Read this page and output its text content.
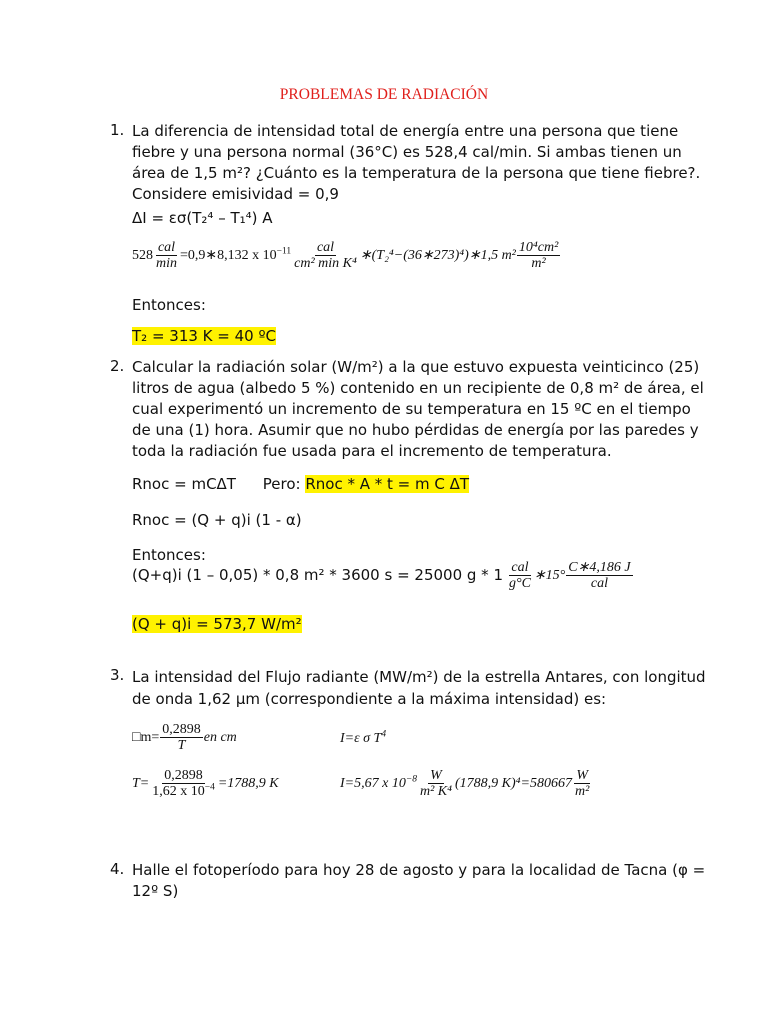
PROBLEMAS DE RADIACIÓN
1. La diferencia de intensidad total de energía entre una persona que tiene
fiebre y una persona normal (36°C) es 528,4 cal/min. Si ambas tienen un
área de 1,5 m²? ¿Cuánto es la temperatura de la persona que tiene fiebre?.
Considere emisividad = 0,9
ΔI = εσ(T₂⁴ – T₁⁴) A
$528 \frac{\text{cal}}{\min}$ =0,9∗8,132 x $10^{-11} \frac{\text{cal}}{\text{cm² min K⁴}}$ ∗(T₂⁴−(36∗273)⁴)∗1,5 $m^2 \frac{\text{10⁴cm²}}{\text{m²}}$
Entonces:
T₂ = 313 K = 40 ºC
2. Calcular la radiación solar (W/m²) a la que estuvo expuesta veinticinco (25)
litros de agua (albedo 5 %) contenido en un recipiente de 0,8 m² de área, el
cual experimentó un incremento de su temperatura en 15 ºC en el tiempo
de una (1) hora. Asumir que no hubo pérdidas de energía por las paredes y
toda la radiación fue usada para el incremento de temperatura.
Rnoc = mCΔT Pero: Rnoc * A * t = m C ΔT
Rnoc = (Q + q)i (1 - α)
Entonces:
(Q+q)i (1 – 0,05) * 0,8 m² * 3600 s = 25000 g * $1 \frac{\text{cal}}{g^\circ C}$ ∗15° $\frac{C∗4,186 J}{\text{cal}}$
(Q + q)i = 573,7 W/m²
3. La intensidad del Flujo radiante (MW/m²) de la estrella Antares, con longitud
de onda 1,62 μm (correspondiente a la máxima intensidad) es:
□m= $\frac{0,2898}{T}$ en cm	I=ε σ $T^4$
$T= \frac{0,2898}{1,62 x 10^{-4}} =1788,9$ K	I=5,67 x $10^{-8} \frac{W}{\text{m² K⁴}} (1788,9$ $K)^4=580667 \frac{W}{\text{m²}}$
4. Halle el fotoperíodo para hoy 28 de agosto y para la localidad de Tacna (φ =
12º S)
